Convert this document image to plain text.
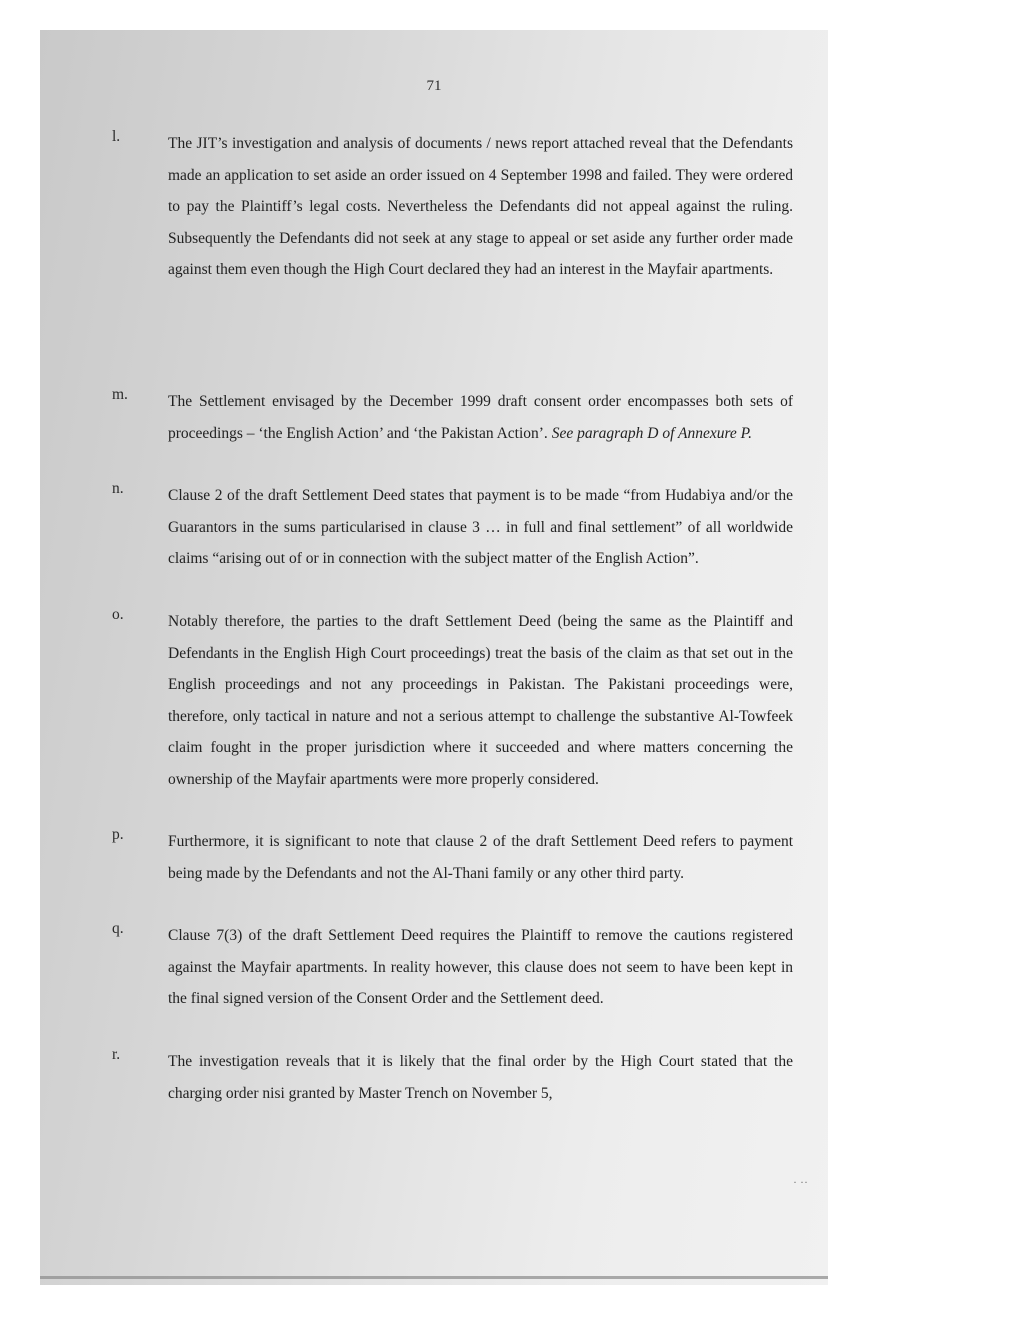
71
l.	The JIT’s investigation and analysis of documents / news report attached reveal that the Defendants made an application to set aside an order issued on 4 September 1998 and failed. They were ordered to pay the Plaintiff’s legal costs. Nevertheless the Defendants did not appeal against the ruling. Subsequently the Defendants did not seek at any stage to appeal or set aside any further order made against them even though the High Court declared they had an interest in the Mayfair apartments.

m.	The Settlement envisaged by the December 1999 draft consent order encompasses both sets of proceedings – ‘the English Action’ and ‘the Pakistan Action’. See paragraph D of Annexure P.

n.	Clause 2 of the draft Settlement Deed states that payment is to be made “from Hudabiya and/or the Guarantors in the sums particularised in clause 3 … in full and final settlement” of all worldwide claims “arising out of or in connection with the subject matter of the English Action”.

o.	Notably therefore, the parties to the draft Settlement Deed (being the same as the Plaintiff and Defendants in the English High Court proceedings) treat the basis of the claim as that set out in the English proceedings and not any proceedings in Pakistan. The Pakistani proceedings were, therefore, only tactical in nature and not a serious attempt to challenge the substantive Al-Towfeek claim fought in the proper jurisdiction where it succeeded and where matters concerning the ownership of the Mayfair apartments were more properly considered.

p.	Furthermore, it is significant to note that clause 2 of the draft Settlement Deed refers to payment being made by the Defendants and not the Al-Thani family or any other third party.

q.	Clause 7(3) of the draft Settlement Deed requires the Plaintiff to remove the cautions registered against the Mayfair apartments. In reality however, this clause does not seem to have been kept in the final signed version of the Consent Order and the Settlement deed.

r.	The investigation reveals that it is likely that the final order by the High Court stated that the charging order nisi granted by Master Trench on November 5,

· ··
